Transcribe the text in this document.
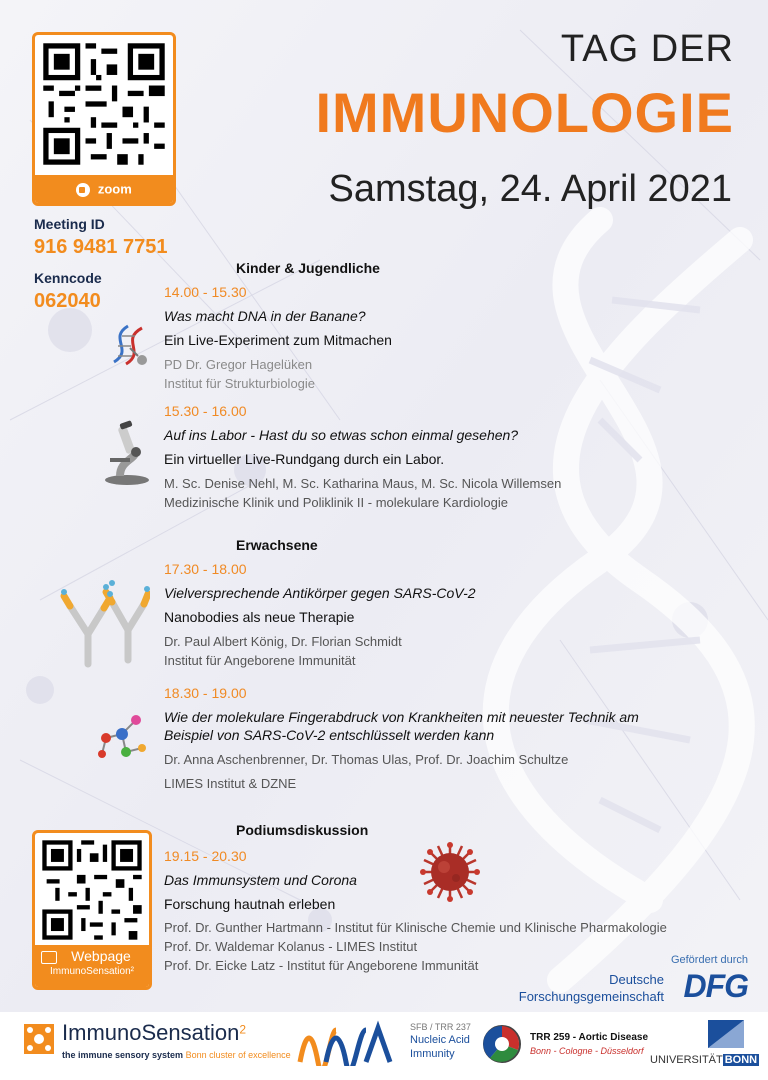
zoom
Meeting ID
916 9481 7751
Kenncode
062040
TAG DER
IMMUNOLOGIE
Samstag, 24. April 2021
Kinder & Jugendliche
14.00 - 15.30
Was macht DNA in der Banane?
Ein Live-Experiment zum Mitmachen
PD Dr. Gregor Hagelüken
Institut für Strukturbiologie
15.30 - 16.00
Auf ins Labor - Hast du so etwas schon einmal gesehen?
Ein virtueller Live-Rundgang durch ein Labor.
M. Sc. Denise Nehl, M. Sc. Katharina Maus, M. Sc. Nicola Willemsen
Medizinische Klinik und Poliklinik II - molekulare Kardiologie
Erwachsene
17.30 - 18.00
Vielversprechende Antikörper gegen SARS-CoV-2
Nanobodies als neue Therapie
Dr. Paul Albert König, Dr. Florian Schmidt
Institut für Angeborene Immunität
18.30 - 19.00
Wie der molekulare Fingerabdruck von Krankheiten mit neuester Technik am
Beispiel von SARS-CoV-2 entschlüsselt werden kann
Dr. Anna Aschenbrenner, Dr. Thomas Ulas, Prof. Dr. Joachim Schultze
LIMES Institut & DZNE
Webpage
ImmunoSensation²
Podiumsdiskussion
19.15 - 20.30
Das Immunsystem und Corona
Forschung hautnah erleben
Prof. Dr. Gunther Hartmann - Institut für Klinische Chemie und Klinische Pharmakologie
Prof. Dr. Waldemar Kolanus - LIMES Institut
Prof. Dr. Eicke Latz - Institut für Angeborene Immunität	Gefördert durch
Deutsche
Forschungsgemeinschaft DFG
ImmunoSensation$^2$
the immune sensory system Bonn cluster of excellence
SFB / TRR 237
Nucleic Acid
Immunity
TRR 259 - Aortic Disease
Bonn - Cologne - Düsseldorf
UNIVERSITÄT BONN
